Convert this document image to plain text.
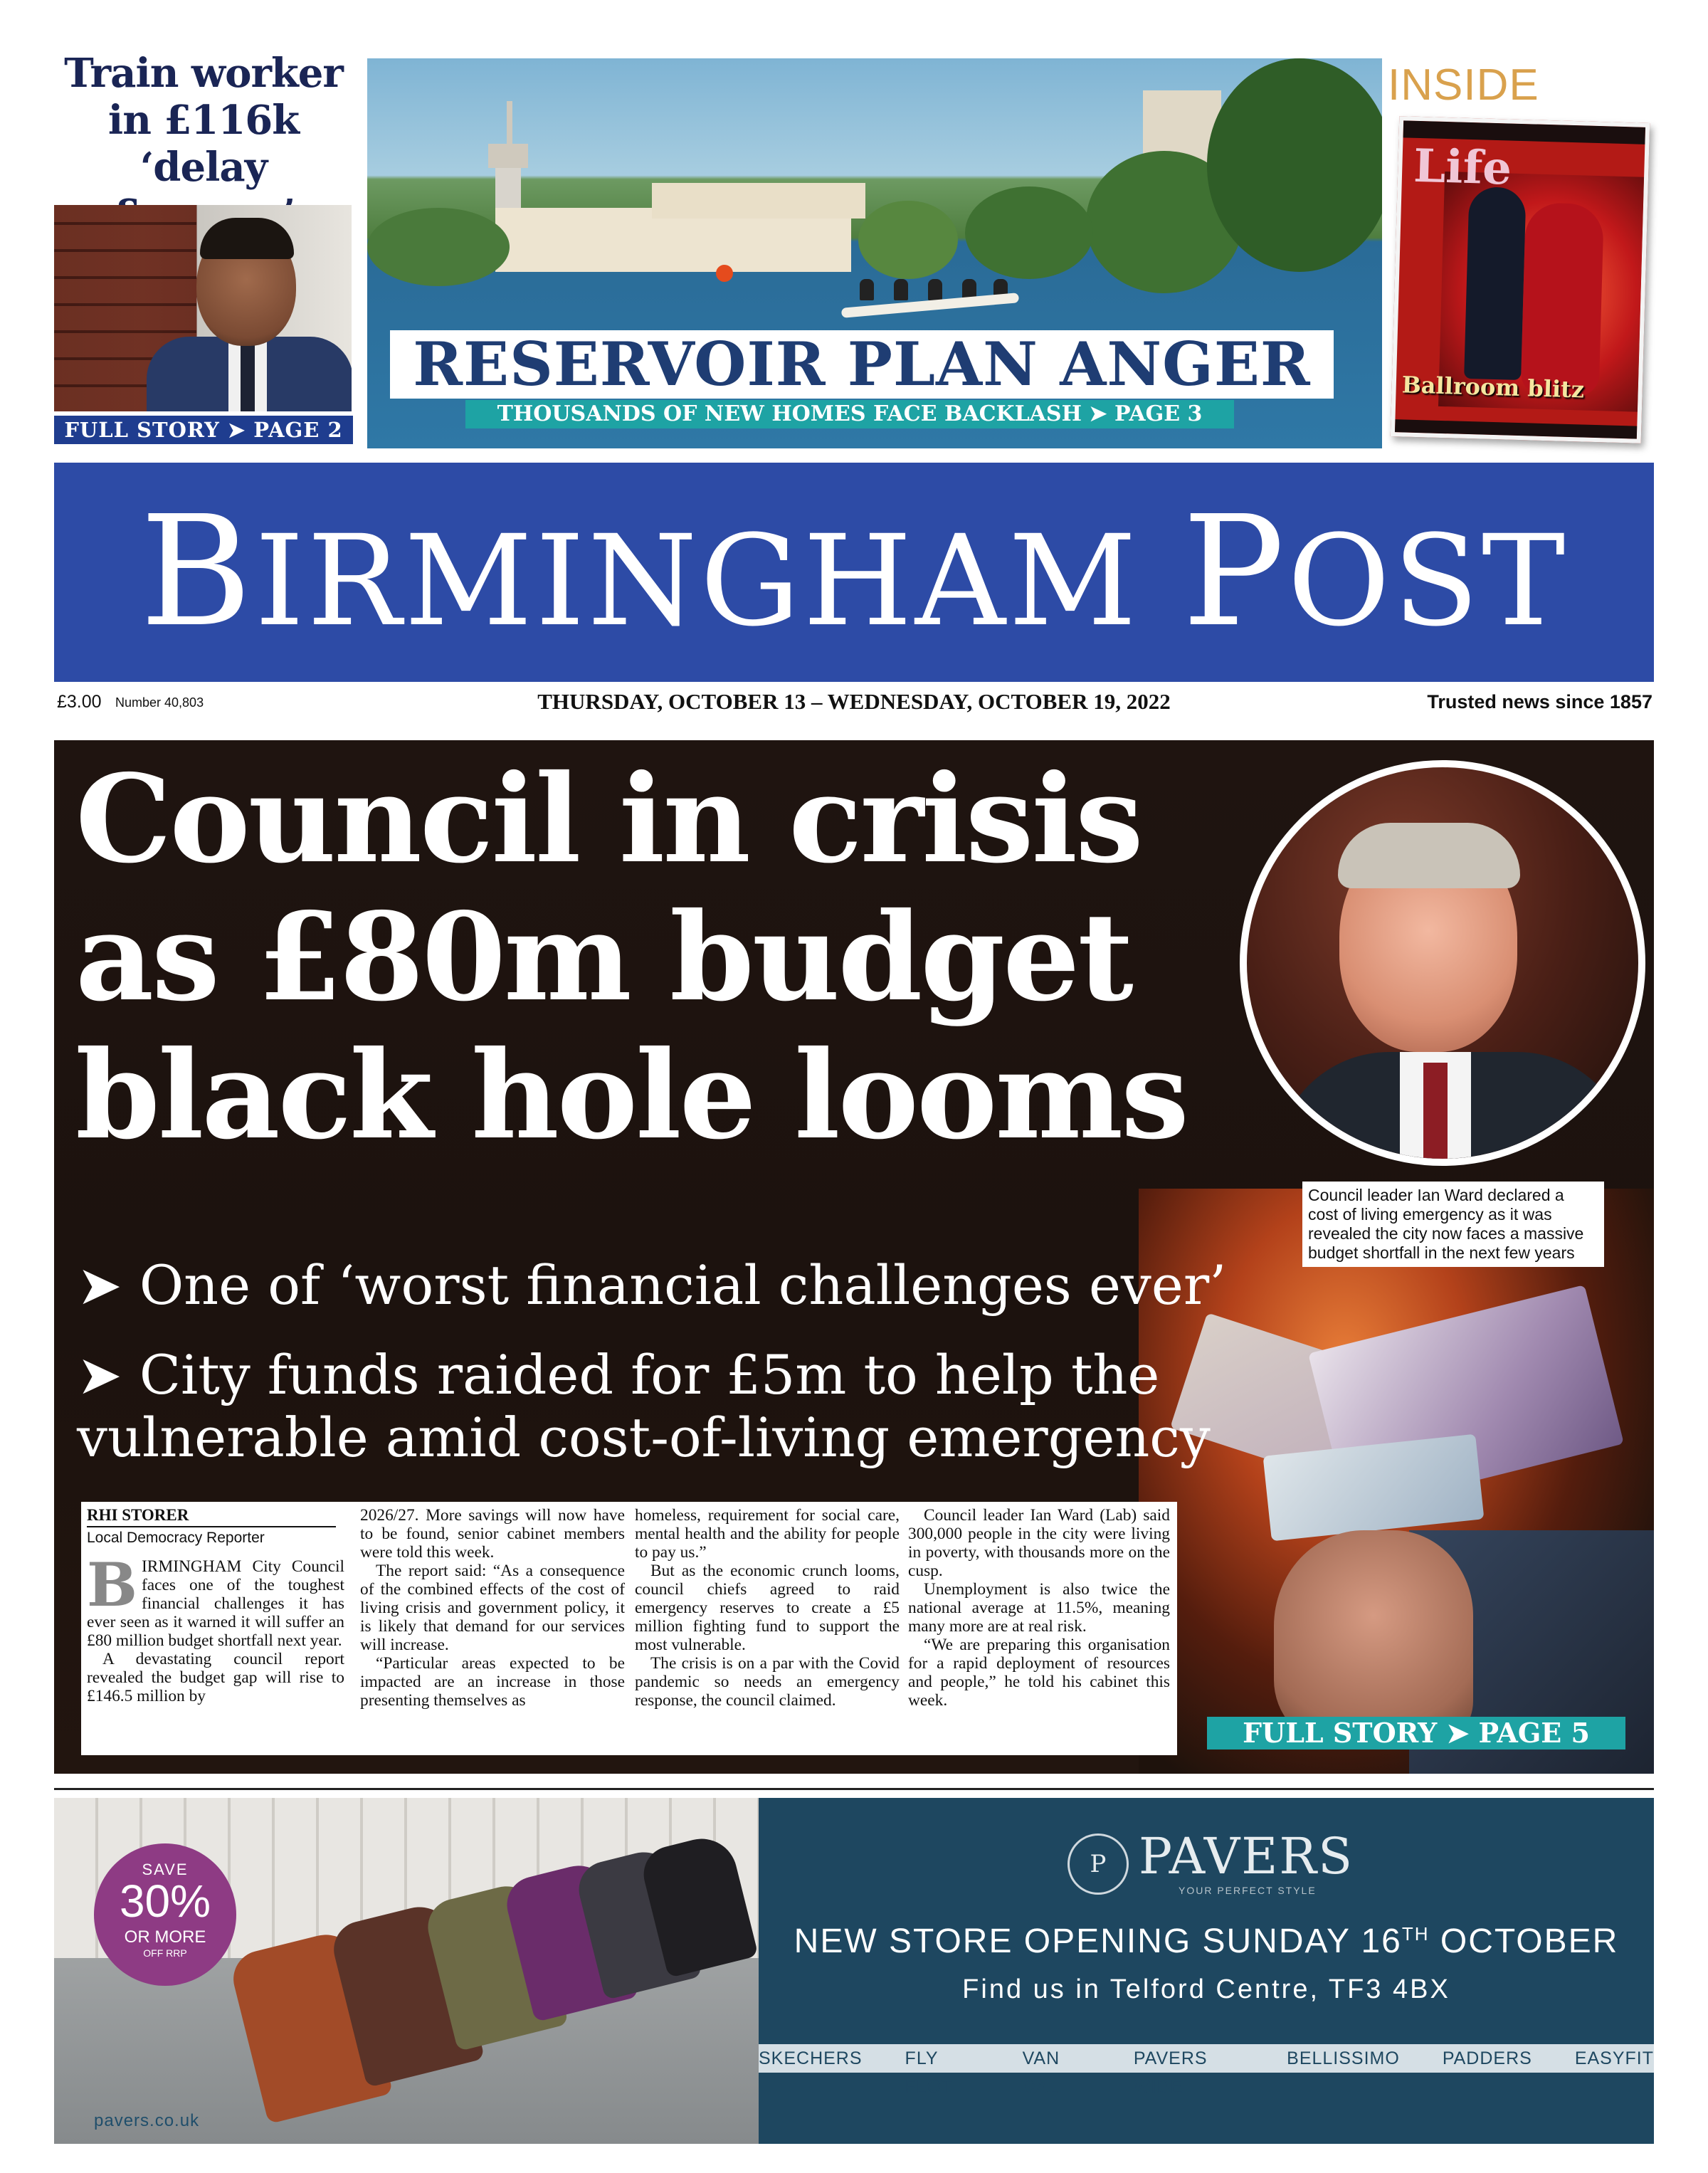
Train worker
in £116k ‘delay
FULL STORY ➤ PAGE 2
RESERVOIR PLAN ANGER
THOUSANDS OF NEW HOMES FACE BACKLASH ➤ PAGE 3
INSIDE
Life
Ballroom blitz
BIRMINGHAM POST
£3.00 Number 40,803	THURSDAY, OCTOBER 13 – WEDNESDAY, OCTOBER 19, 2022	Trusted news since 1857
Council in crisis
as £80m budget
black hole looms
➤ One of ‘worst financial challenges ever’
➤ City funds raided for £5m to help the
vulnerable amid cost-of-living emergency
Council leader Ian Ward declared a cost of living emergency as it was revealed the city now faces a massive budget shortfall in the next few years
RHI STORER
Local Democracy Reporter

BIRMINGHAM City Council faces one of the toughest financial challenges it has ever seen as it warned it will suffer an £80 million budget shortfall next year.

A devastating council report revealed the budget gap will rise to £146.5 million by

2026/27. More savings will now have to be found, senior cabinet members were told this week.

The report said: “As a consequence of the combined effects of the cost of living crisis and government policy, it is likely that demand for our services will increase.

“Particular areas expected to be impacted are an increase in those presenting themselves as

homeless, requirement for social care, mental health and the ability for people to pay us.”

But as the economic crunch looms, council chiefs agreed to raid emergency reserves to create a £5 million fighting fund to support the most vulnerable.

The crisis is on a par with the Covid pandemic so needs an emergency response, the council claimed.

Council leader Ian Ward (Lab) said 300,000 people in the city were living in poverty, with thousands more on the cusp.

Unemployment is also twice the national average at 11.5%, meaning many more are at real risk.

“We are preparing this organisation for a rapid deployment of resources and people,” he told his cabinet this week.

FULL STORY ➤ PAGE 5
SAVE
30%
OR MORE
OFF RRP
pavers.co.uk
P PAVERS
YOUR PERFECT STYLE
NEW STORE OPENING SUNDAY 16TH OCTOBER
Find us in Telford Centre, TF3 4BX
SKECHERS FLY FLOT
VAN DAL
PAVERS WIDE
BELLISSIMO PADDERS EASYFIT
